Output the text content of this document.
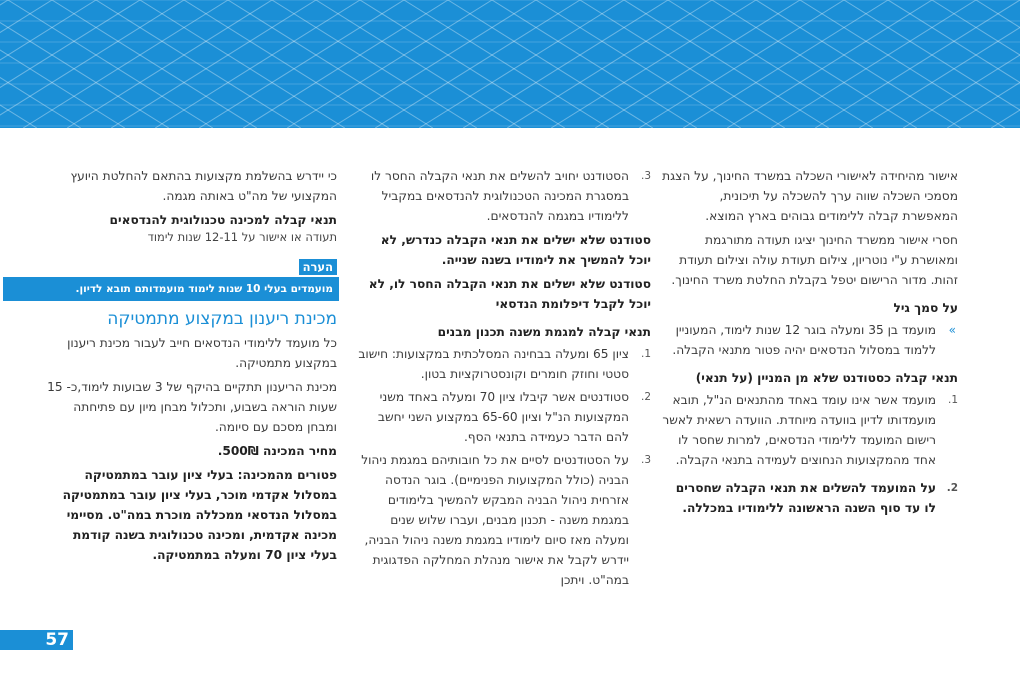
אישור מהיחידה לאישורי השכלה במשרד החינוך, על הצגת מסמכי השכלה שווה ערך להשכלה על תיכונית, המאפשרת קבלה ללימודים גבוהים בארץ המוצא.

חסרי אישור ממשרד החינוך יציגו תעודה מתורגמת ומאושרת ע"י נוטריון, צילום תעודת עולה וצילום תעודת זהות. מדור הרישום יטפל בקבלת החלטת משרד החינוך.

על סמך גיל
»
מועמד בן 35 ומעלה בוגר 12 שנות לימוד, המעוניין ללמוד במסלול הנדסאים יהיה פטור מתנאי הקבלה.
תנאי קבלה כסטודנט שלא מן המניין (על תנאי)
1.
מועמד אשר אינו עומד באחד מהתנאים הנ"ל, תובא מועמדותו לדיון בוועדה מיוחדת. הוועדה רשאית לאשר רישום המועמד ללימודי הנדסאים, למרות שחסר לו אחד מהמקצועות הנחוצים לעמידה בתנאי הקבלה.
2.
על המועמד להשלים את תנאי הקבלה שחסרים לו עד סוף השנה הראשונה ללימודיו במכללה.
3.
הסטודנט יחויב להשלים את תנאי הקבלה החסר לו במסגרת המכינה הטכנולוגית להנדסאים במקביל ללימודיו במגמה להנדסאים.

סטודנט שלא ישלים את תנאי הקבלה כנדרש, לא יוכל להמשיך את לימודיו בשנה שנייה.

סטודנט שלא ישלים את תנאי הקבלה החסר לו, לא יוכל לקבל דיפלומת הנדסאי

תנאי קבלה למגמת משנה תכנון מבנים
1.
ציון 65 ומעלה בבחינה המסלכתית במקצועות: חישוב סטטי וחוזק חומרים וקונסטרוקציות בטון.
2.
סטודנטים אשר קיבלו ציון 70 ומעלה באחד משני המקצועות הנ"ל וציון 65-60 במקצוע השני יחשב להם הדבר כעמידה בתנאי הסף.
3.
על הסטודנטים לסיים את כל חובותיהם במגמת ניהול הבניה (כולל המקצועות הפנימיים). בוגר הנדסה אזרחית ניהול הבניה המבקש להמשיך בלימודים במגמת משנה - תכנון מבנים, ועברו שלוש שנים ומעלה מאז סיום לימודיו במגמת משנה ניהול הבניה, יידרש לקבל את אישור מנהלת המחלקה הפדגוגית במה"ט. ויתכן

כי יידרש בהשלמת מקצועות בהתאם להחלטת היועץ המקצועי של מה"ט באותה מגמה.

תנאי קבלה למכינה טכנולוגית להנדסאים
תעודה או אישור על 12-11 שנות לימוד
הערה
מועמדים בעלי 10 שנות לימוד מועמדותם תובא לדיון.
מכינת ריענון במקצוע מתמטיקה

כל מועמד ללימודי הנדסאים חייב לעבור מכינת ריענון במקצוע מתמטיקה.

מכינת הריענון תתקיים בהיקף של 3 שבועות לימוד,כ- 15 שעות הוראה בשבוע, ותכלול מבחן מיון עם פתיחתה ומבחן מסכם עם סיומה.

מחיר המכינה 500₪.

פטורים מהמכינה: בעלי ציון עובר במתמטיקה במסלול אקדמי מוכר, בעלי ציון עובר במתמטיקה במסלול הנדסאי ממכללה מוכרת במה"ט. מסיימי מכינה אקדמית, ומכינה טכנולוגית בשנה קודמת בעלי ציון 70 ומעלה במתמטיקה.

57
